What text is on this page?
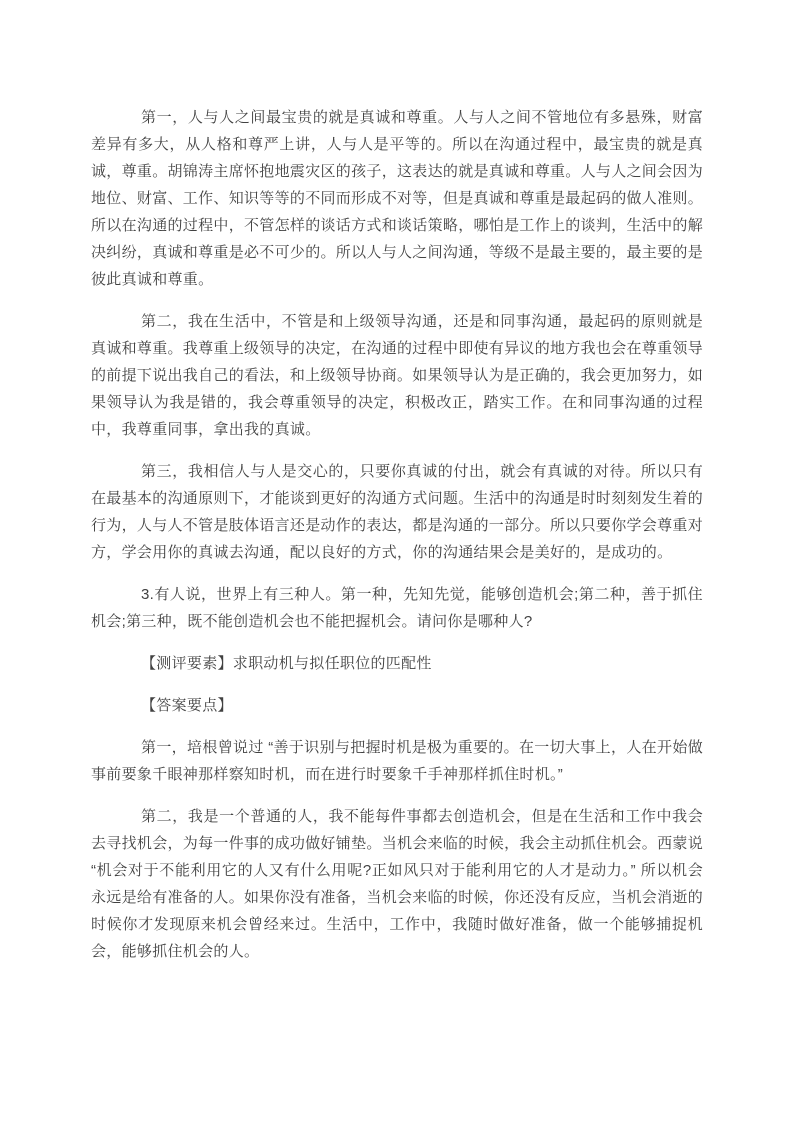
第一，人与人之间最宝贵的就是真诚和尊重。人与人之间不管地位有多悬殊，财富差异有多大，从人格和尊严上讲，人与人是平等的。所以在沟通过程中，最宝贵的就是真诚，尊重。胡锦涛主席怀抱地震灾区的孩子，这表达的就是真诚和尊重。人与人之间会因为地位、财富、工作、知识等等的不同而形成不对等，但是真诚和尊重是最起码的做人准则。所以在沟通的过程中，不管怎样的谈话方式和谈话策略，哪怕是工作上的谈判，生活中的解决纠纷，真诚和尊重是必不可少的。所以人与人之间沟通，等级不是最主要的，最主要的是彼此真诚和尊重。

第二，我在生活中，不管是和上级领导沟通，还是和同事沟通，最起码的原则就是真诚和尊重。我尊重上级领导的决定，在沟通的过程中即使有异议的地方我也会在尊重领导的前提下说出我自己的看法，和上级领导协商。如果领导认为是正确的，我会更加努力，如果领导认为我是错的，我会尊重领导的决定，积极改正，踏实工作。在和同事沟通的过程中，我尊重同事，拿出我的真诚。

第三，我相信人与人是交心的，只要你真诚的付出，就会有真诚的对待。所以只有在最基本的沟通原则下，才能谈到更好的沟通方式问题。生活中的沟通是时时刻刻发生着的行为，人与人不管是肢体语言还是动作的表达，都是沟通的一部分。所以只要你学会尊重对方，学会用你的真诚去沟通，配以良好的方式，你的沟通结果会是美好的，是成功的。

3.有人说，世界上有三种人。第一种，先知先觉，能够创造机会;第二种，善于抓住机会;第三种，既不能创造机会也不能把握机会。请问你是哪种人?

【测评要素】求职动机与拟任职位的匹配性

【答案要点】

第一，培根曾说过 “善于识别与把握时机是极为重要的。在一切大事上，人在开始做事前要象千眼神那样察知时机，而在进行时要象千手神那样抓住时机。”

第二，我是一个普通的人，我不能每件事都去创造机会，但是在生活和工作中我会去寻找机会，为每一件事的成功做好铺垫。当机会来临的时候，我会主动抓住机会。西蒙说 “机会对于不能利用它的人又有什么用呢?正如风只对于能利用它的人才是动力。” 所以机会永远是给有准备的人。如果你没有准备，当机会来临的时候，你还没有反应，当机会消逝的时候你才发现原来机会曾经来过。生活中，工作中，我随时做好准备，做一个能够捕捉机会，能够抓住机会的人。
